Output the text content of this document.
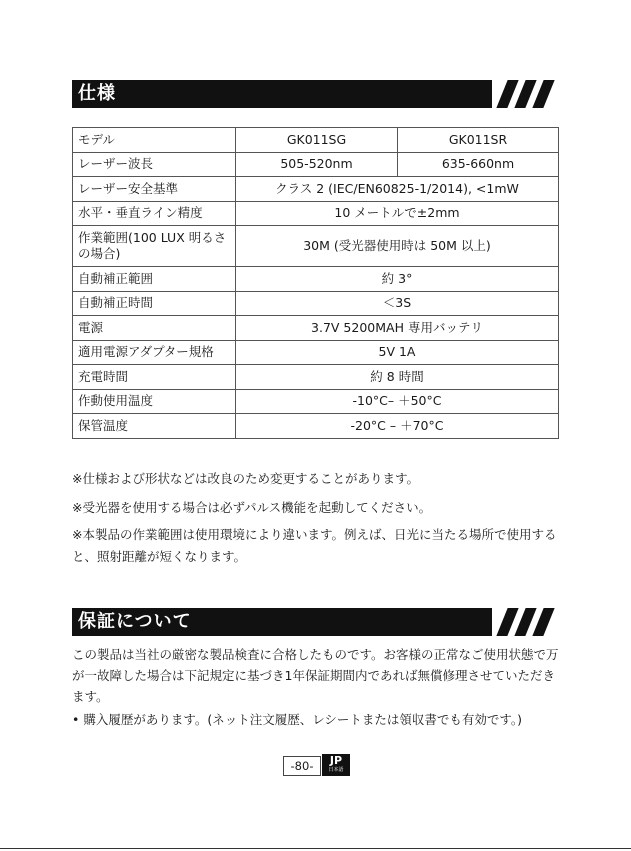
仕様
モデル	GK011SG	GK011SR
レーザー波長	505-520nm	635-660nm
レーザー安全基準	クラス 2 (IEC/EN60825-1/2014), <1mW	
水平・垂直ライン精度	10 メートルで±2mm	
作業範囲(100 LUX 明るさの場合)	30M (受光器使用時は 50M 以上)	
自動補正範囲	約 3°	
自動補正時間	＜3S	
電源	3.7V 5200MAH 専用バッテリ	
適用電源アダプター規格	5V 1A	
充電時間	約 8 時間	
作動使用温度	-10°C– ＋50°C	
保管温度	-20°C – ＋70°C	
※仕様および形状などは改良のため変更することがあります。
※受光器を使用する場合は必ずパルス機能を起動してください。
※本製品の作業範囲は使用環境により違います。例えば、日光に当たる場所で使用すると、照射距離が短くなります。
保証について
この製品は当社の厳密な製品検査に合格したものです。お客様の正常なご使用状態で万が一故障した場合は下記規定に基づき1年保証期間内であれば無償修理させていただきます。
• 購入履歴があります。(ネット注文履歴、レシートまたは領収書でも有効です。)
-80-	JP
日本語
